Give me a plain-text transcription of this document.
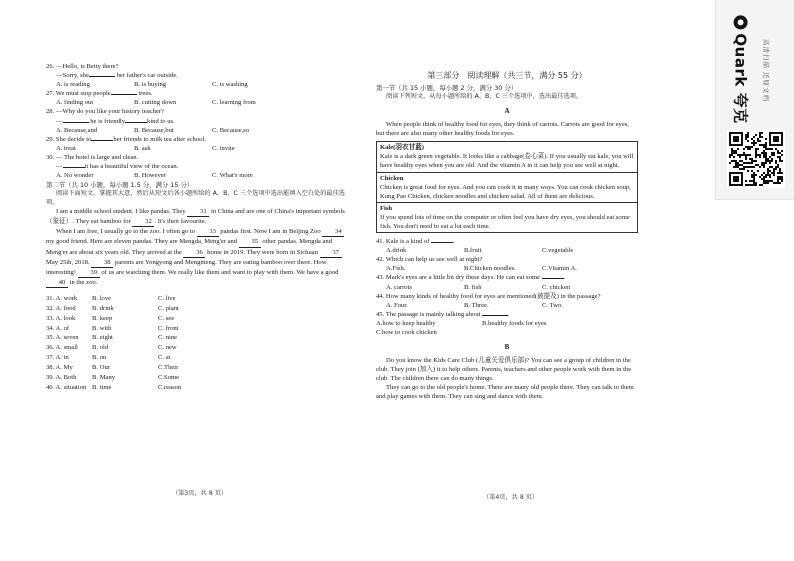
26. —Hello, is Betty there?
—Sorry, she	her father's car outside.
A. is reading	B. is buying	C. is washing
27. We must stop people	trees.
A. finding out	B. cutting down	C. learning from
28. —Why do you like your history teacher?
—	he is friendly	kind to us.
A. Because,and	B. Because,but	C. Because,so
29. She decide to	her friends to milk tea after school.
A. treat	B. ask	C. invite
30. — The hotel is large and clean.
—	it has a beautiful view of the ocean.
A. No wonder	B. However	C. What's more
第二节（共 10 小题，每小题 1.5 分，满分 15 分）
阅读下面短文，掌握其大意，然后从短文后各小题所给的 A、B、C 三个选项中选出能填入空白处的最佳选项。
I am a middle school student. I like pandas. They 31 in China and are one of China's important symbols（象征）. They eat bamboo for 32 . It's their favourite.
When I am free, I usually go to the zoo. I often go to 33 pandas first. Now I am in Beijing Zoo 34 my good friend. Here are eleven pandas. They are Mengda, Meng'er and 35 other pandas. Mengda and Meng'er are about six years old. They arrived at the 36 home in 2019. They were born in Sichuan 37 May 25th, 2018. 38 parents are Yongyong and Mengmeng. They are eating bamboo over there. How interesting! 39 of us are watching them. We really like them and want to play with them. We have a good 40 in the zoo.
31. A. work	B. love	C. live
32. A. food	B. drink	C. plant
33. A. look	B. keep	C. see
34. A. of	B. with	C. from
35. A. seven	B. eight	C. nine
36. A. small	B. old	C. new
37. A. in	B. on	C. at
38. A. My	B. Our	C.Their
39. A. Both	B. Many	C.Some
40. A. situation B. time	C.reason
（第3页，共 8 页）
第三部分　阅读理解（共三节，满分 55 分）
第一节（共 15 小题，每小题 2 分，满分 30 分）
阅读下列短文，从每小题所给的 A、B、C 三个选项中，选出最佳选项。
A
When people think of healthy food for eyes, they think of carrots. Carrots are good for eyes, but there are also many other healthy foods for eyes.
Kale(羽衣甘蓝)
Kale is a dark green vegetable. It looks like a cabbage(卷心菜). If you usually eat kale, you will have healthy eyes when you are old. And the vitamin A in it can help you see well at night.
Chicken
Chicken is great food for eyes. And you can cook it in many ways. You can cook chicken soup, Kung Pao Chicken, chicken noodles and chicken salad. All of them are delicious.
Fish
If you spend lots of time on the computer or often feel you have dry eyes, you should eat some fish. You don't need to eat a lot each time.
41. Kale is a kind of	.
A.drink	B.fruit	C.vegetable
42. Which can help us see well at night?
A.Fish.	B.Chicken noodles.	C.Vitamin A.
43. Mark's eyes are a little bit dry these days. He can eat some	.
A. carrots	B. fish	C. chicken
44. How many kinds of healthy food for eyes are mentioned(被提及) in the passage?
A. Four.	B. Three.	C. Two.
45. The passage is mainly talking about	.
A.how to keep healthy	B.healthy foods for eyes
C.how to cook chicken
B
Do you know the Kids Care Club (儿童关爱俱乐部)? You can see a group of children in the club. They join (加入) it to help others. Parents, teachers and other people work with them in the club. The children there can do many things.
They can go to the old people's home. There are many old people there. They can talk to them and play games with them. They can sing and dance with them.
（第4页，共 8 页）
Quark 夸克	高清扫描 还原文档
